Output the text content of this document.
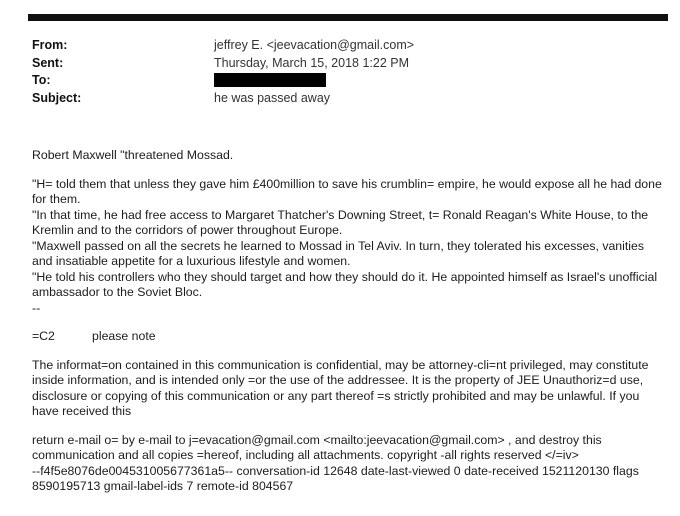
From:	jeffrey E. <jeevacation@gmail.com>
Sent:	Thursday, March 15, 2018 1:22 PM
To:
Subject:	he was passed away

Robert Maxwell "threatened Mossad.

"H= told them that unless they gave him £400million to save his crumblin= empire, he would expose all he had done for them.

"In that time, he had free access to Margaret Thatcher's Downing Street, t= Ronald Reagan's White House, to the Kremlin and to the corridors of power throughout Europe.

"Maxwell passed on all the secrets he learned to Mossad in Tel Aviv. In turn, they tolerated his excesses, vanities and insatiable appetite for a luxurious lifestyle and women.

"He told his controllers who they should target and how they should do it. He appointed himself as Israel's unofficial ambassador to the Soviet Bloc.

--

=C2	please note

The informat=on contained in this communication is confidential, may be attorney-cli=nt privileged, may constitute inside information, and is intended only =or the use of the addressee. It is the property of JEE Unauthoriz=d use, disclosure or copying of this communication or any part thereof =s strictly prohibited and may be unlawful. If you have received this

return e-mail o= by e-mail to j=evacation@gmail.com <mailto:jeevacation@gmail.com> , and destroy this communication and all copies =hereof, including all attachments. copyright -all rights reserved </=iv>

--f4f5e8076de004531005677361a5-- conversation-id 12648 date-last-viewed 0 date-received 1521120130 flags 8590195713 gmail-label-ids 7 remote-id 804567
